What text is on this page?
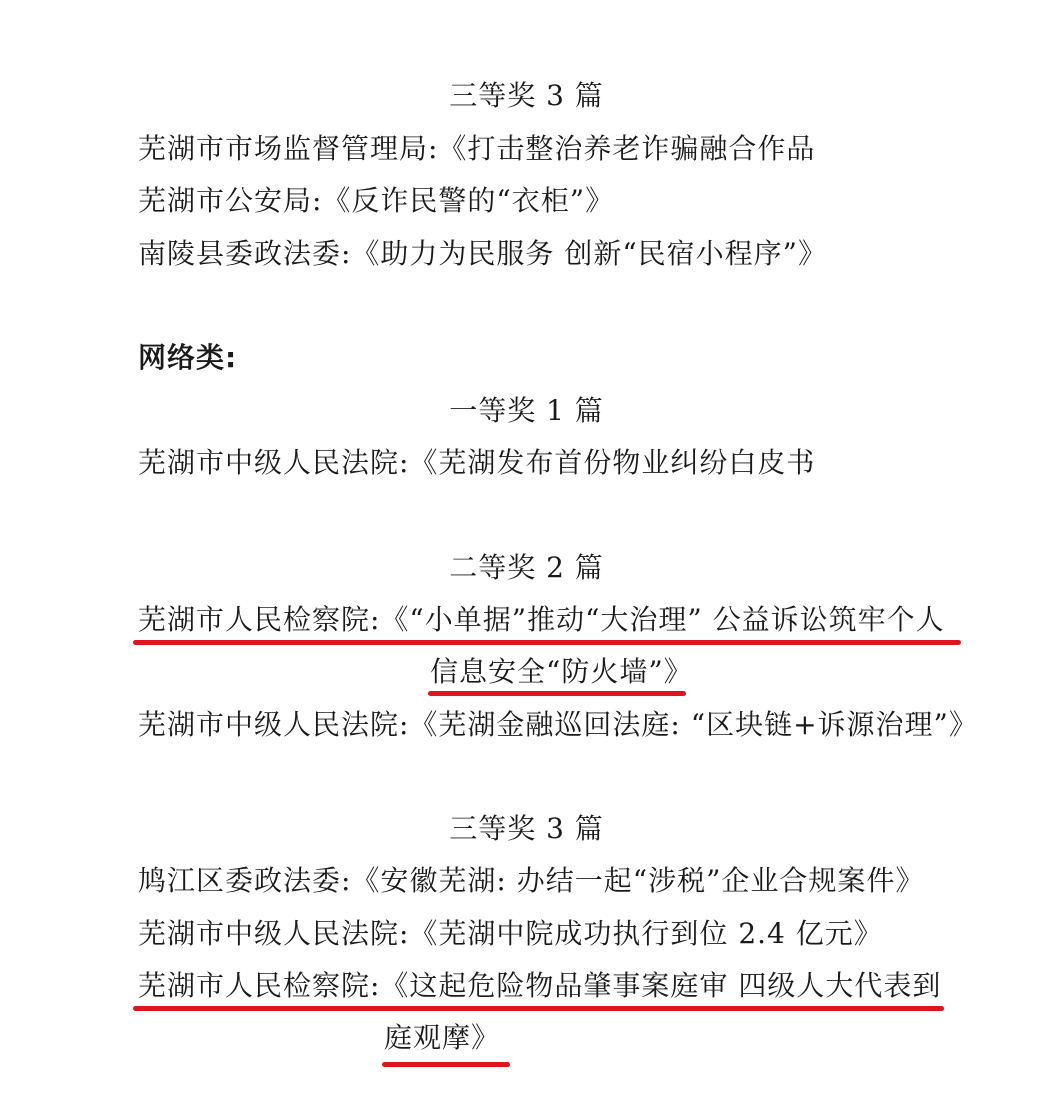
三等奖 3 篇
芜湖市市场监督管理局:《打击整治养老诈骗融合作品
芜湖市公安局:《反诈民警的“衣柜”》
南陵县委政法委:《助力为民服务 创新“民宿小程序”》
网络类:
一等奖 1 篇
芜湖市中级人民法院:《芜湖发布首份物业纠纷白皮书
二等奖 2 篇
芜湖市人民检察院:《“小单据”推动“大治理” 公益诉讼筑牢个人
信息安全“防火墙”》
芜湖市中级人民法院:《芜湖金融巡回法庭: “区块链+诉源治理”》
三等奖 3 篇
鸠江区委政法委:《安徽芜湖: 办结一起“涉税”企业合规案件》
芜湖市中级人民法院:《芜湖中院成功执行到位 2.4 亿元》
芜湖市人民检察院:《这起危险物品肇事案庭审 四级人大代表到
庭观摩》
